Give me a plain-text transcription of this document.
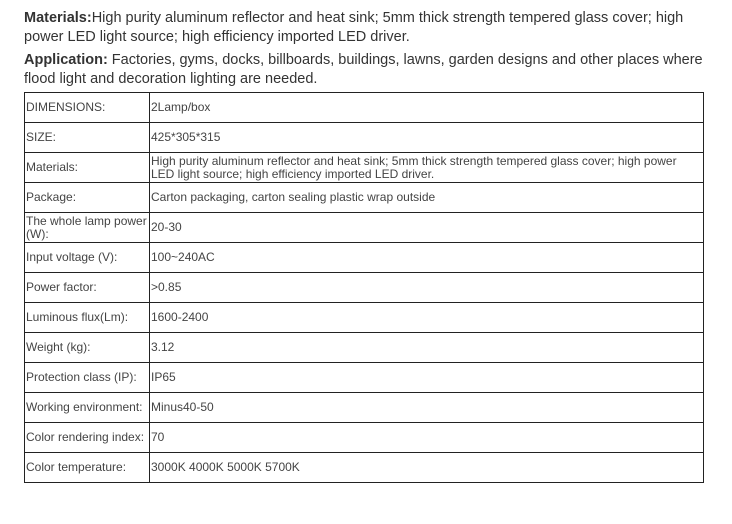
Materials:High purity aluminum reflector and heat sink; 5mm thick strength tempered glass cover; high power LED light source; high efficiency imported LED driver.
Application: Factories, gyms, docks, billboards, buildings, lawns, garden designs and other places where flood light and decoration lighting are needed.
DIMENSIONS:	2Lamp/box
SIZE:	425*305*315
Materials:	High purity aluminum reflector and heat sink; 5mm thick strength tempered glass cover; high power LED light source; high efficiency imported LED driver.
Package:	Carton packaging, carton sealing plastic wrap outside
The whole lamp power (W):	20-30
Input voltage (V):	100~240AC
Power factor:	>0.85
Luminous flux(Lm):	1600-2400
Weight (kg):	3.12
Protection class (IP):	IP65
Working environment:	Minus40-50
Color rendering index:	70
Color temperature:	3000K 4000K 5000K 5700K
